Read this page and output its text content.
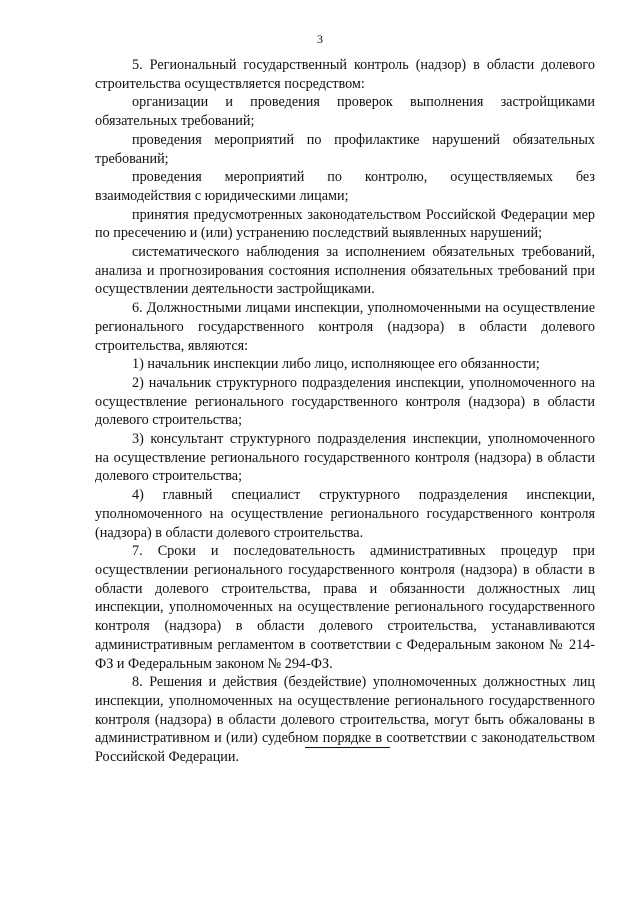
3

5. Региональный государственный контроль (надзор) в области долевого строительства осуществляется посредством:

организации и проведения проверок выполнения застройщиками обязательных требований;

проведения мероприятий по профилактике нарушений обязательных требований;

проведения мероприятий по контролю, осуществляемых без взаимодействия с юридическими лицами;

принятия предусмотренных законодательством Российской Федерации мер по пресечению и (или) устранению последствий выявленных нарушений;

систематического наблюдения за исполнением обязательных требований, анализа и прогнозирования состояния исполнения обязательных требований при осуществлении деятельности застройщиками.

6. Должностными лицами инспекции, уполномоченными на осуществление регионального государственного контроля (надзора) в области долевого строительства, являются:

1) начальник инспекции либо лицо, исполняющее его обязанности;

2) начальник структурного подразделения инспекции, уполномоченного на осуществление регионального государственного контроля (надзора) в области долевого строительства;

3) консультант структурного подразделения инспекции, уполномоченного на осуществление регионального государственного контроля (надзора) в области долевого строительства;

4) главный специалист структурного подразделения инспекции, уполномоченного на осуществление регионального государственного контроля (надзора) в области долевого строительства.

7. Сроки и последовательность административных процедур при осуществлении регионального государственного контроля (надзора) в области в области долевого строительства, права и обязанности должностных лиц инспекции, уполномоченных на осуществление регионального государственного контроля (надзора) в области долевого строительства, устанавливаются административным регламентом в соответствии с Федеральным законом № 214-ФЗ и Федеральным законом № 294-ФЗ.

8. Решения и действия (бездействие) уполномоченных должностных лиц инспекции, уполномоченных на осуществление регионального государственного контроля (надзора) в области долевого строительства, могут быть обжалованы в административном и (или) судебном порядке в соответствии с законодательством Российской Федерации.
